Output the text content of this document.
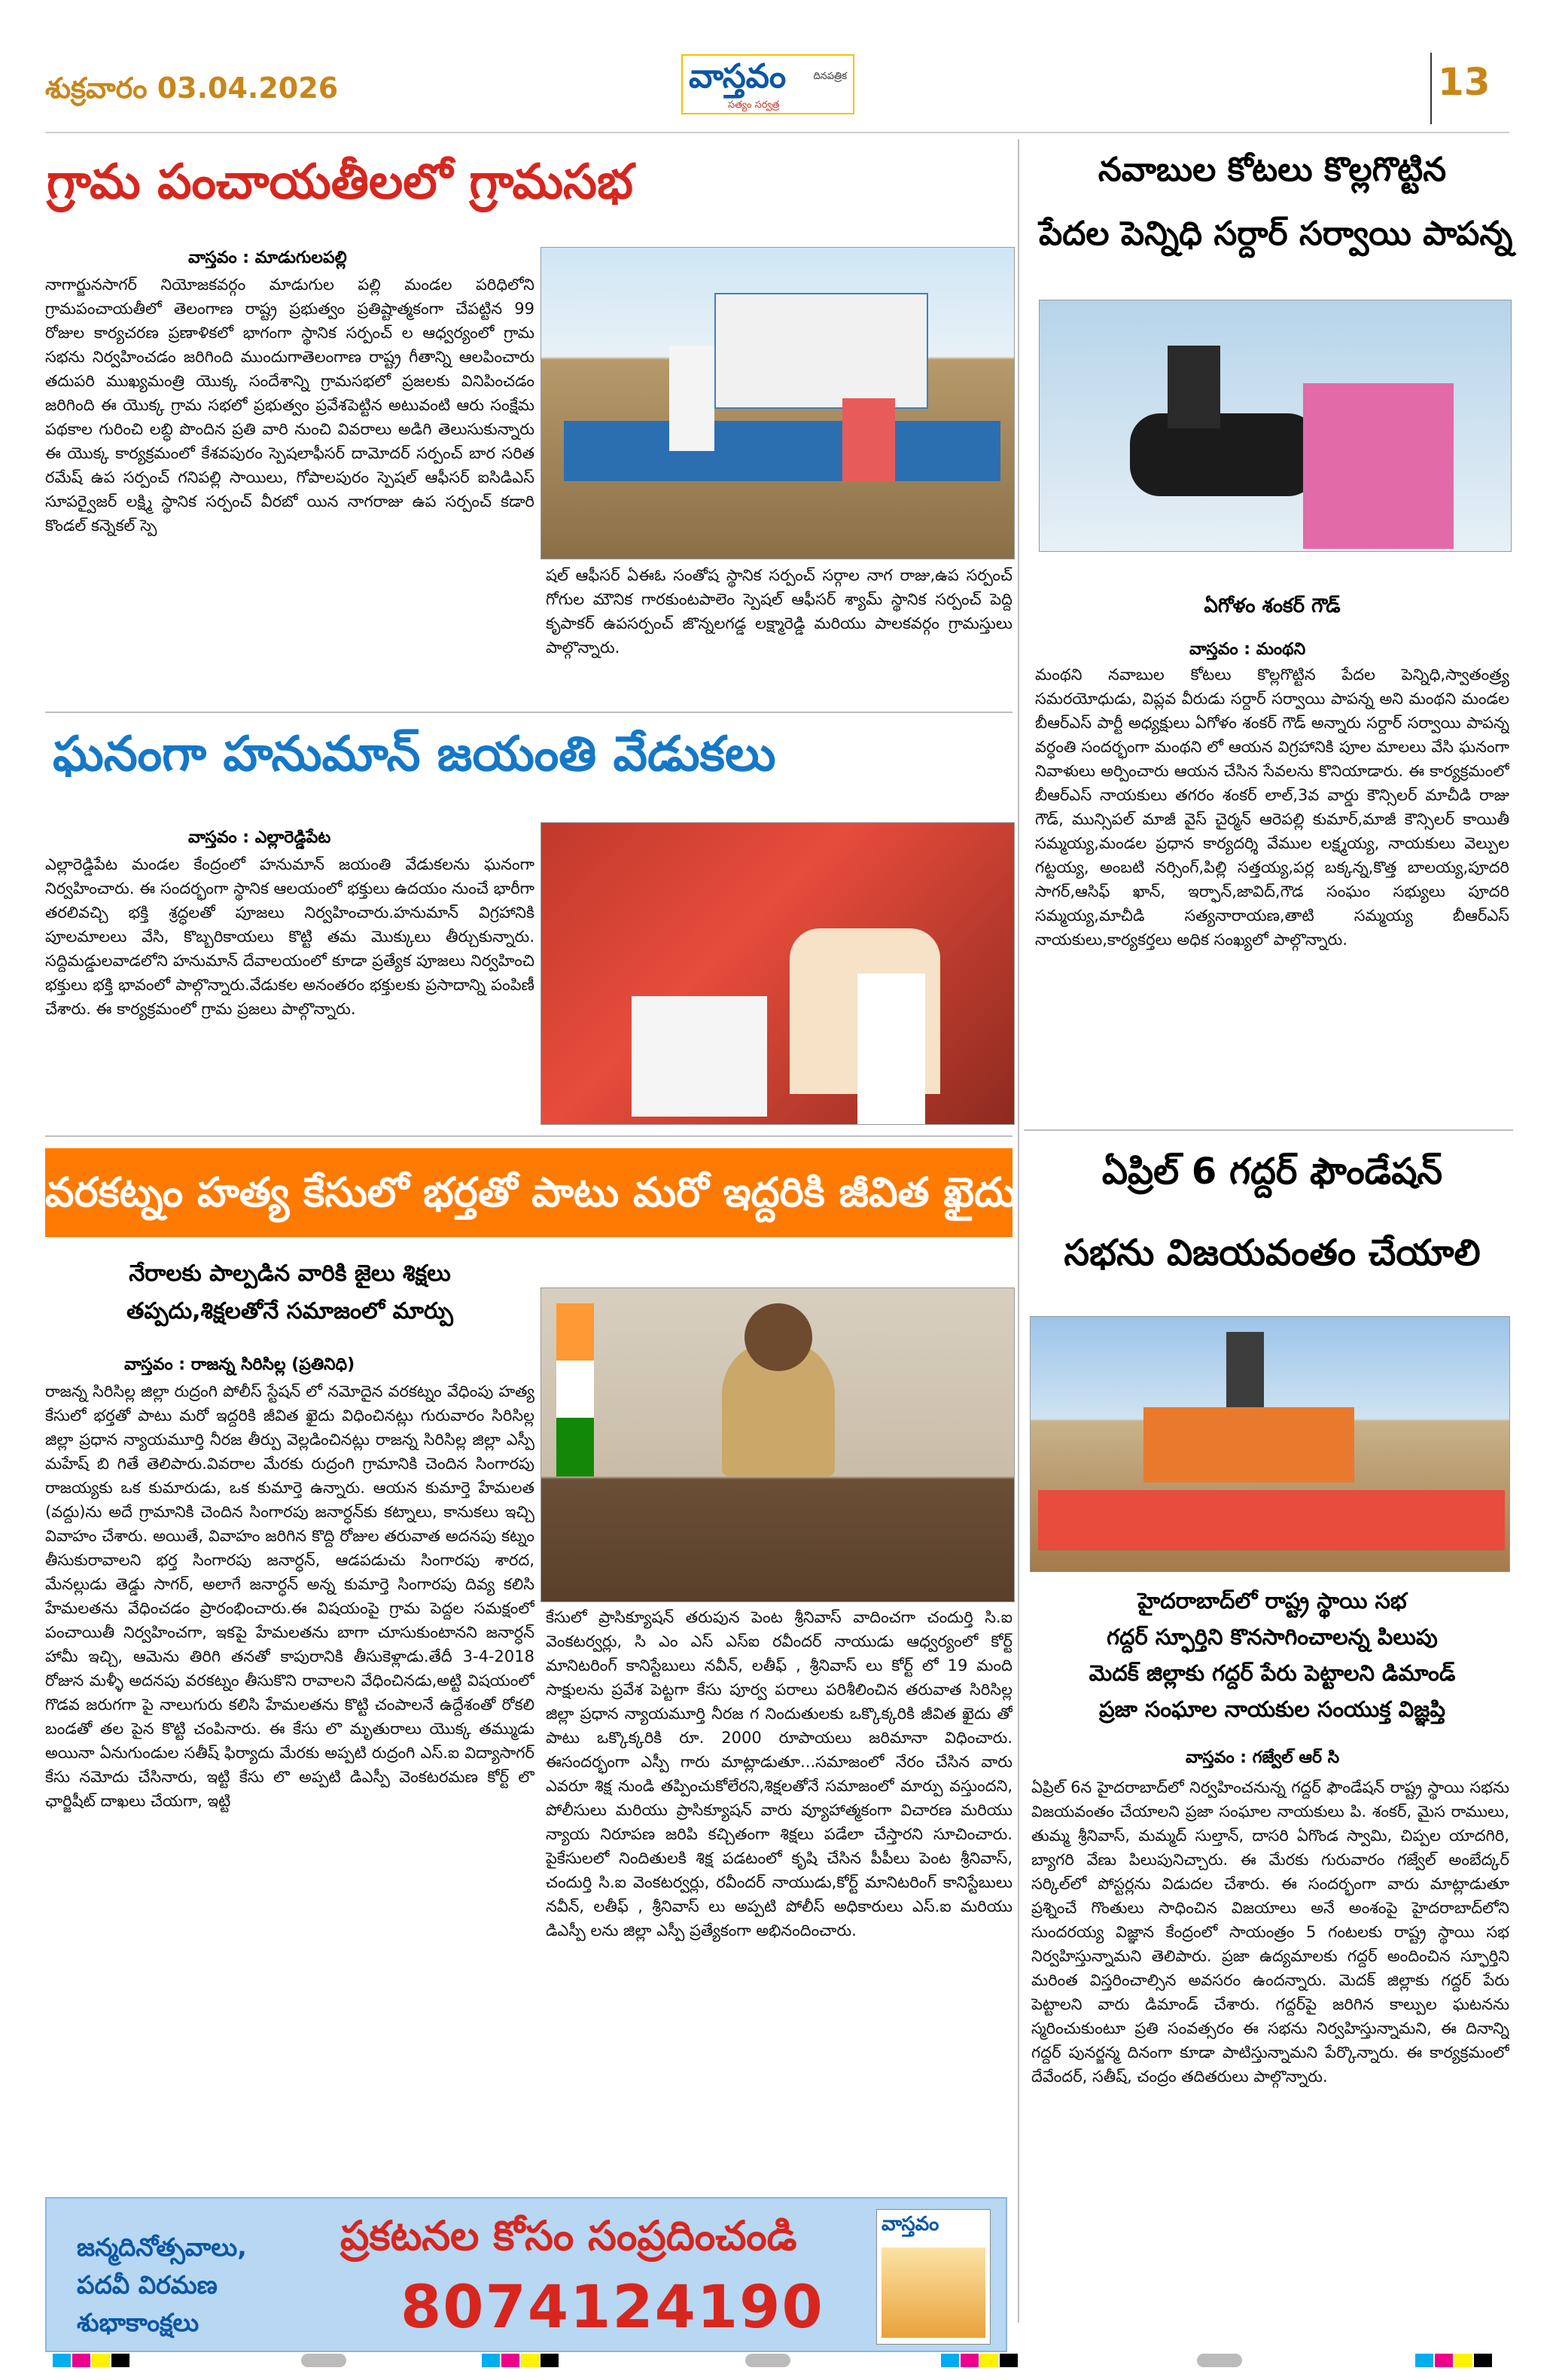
శుక్రవారం 03.04.2026	వాస్తవం	దినపత్రిక
సత్యం సర్వత్ర
13
గ్రామ పంచాయతీలలో గ్రామసభ
వాస్తవం : మాడుగులపల్లి
నాగార్జునసాగర్ నియోజకవర్గం మాడుగుల పల్లి మండల పరిధిలోని గ్రామపంచాయతీలో తెలంగాణ రాష్ట్ర ప్రభుత్వం ప్రతిష్టాత్మకంగా చేపట్టిన 99 రోజుల కార్యచరణ ప్రణాళికలో భాగంగా స్థానిక సర్పంచ్ ల ఆధ్వర్యంలో గ్రామ సభను నిర్వహించడం జరిగింది ముందుగాతెలంగాణ రాష్ట్ర గీతాన్ని ఆలపించారు తదుపరి ముఖ్యమంత్రి యొక్క సందేశాన్ని గ్రామసభలో ప్రజలకు వినిపించడం జరిగింది ఈ యొక్క గ్రామ సభలో ప్రభుత్వం ప్రవేశపెట్టిన అటువంటి ఆరు సంక్షేమ పథకాల గురించి లబ్ధి పొందిన ప్రతి వారి నుంచి వివరాలు అడిగి తెలుసుకున్నారు ఈ యొక్క కార్యక్రమంలో కేశవపురం స్పెషలాఫీసర్ దామోదర్ సర్పంచ్ బార సరిత రమేష్ ఉప సర్పంచ్ గనిపల్లి సాయిలు, గోపాలపురం స్పెషల్ ఆఫీసర్ ఐసిడిఎస్ సూపర్వైజర్ లక్ష్మి స్థానిక సర్పంచ్ వీరబో యిన నాగరాజు ఉప సర్పంచ్ కడారి కొండల్ కన్నెకల్ స్పె
షల్ ఆఫీసర్ ఏఈఓ సంతోష స్థానిక సర్పంచ్ సర్గాల నాగ రాజు,ఉప సర్పంచ్ గోగుల మౌనిక గారకుంటపాలెం స్పెషల్ ఆఫీసర్ శ్యామ్ స్థానిక సర్పంచ్ పెద్ది కృపాకర్ ఉపసర్పంచ్ జొన్నలగడ్డ లక్ష్మారెడ్డి మరియు పాలకవర్గం గ్రామస్తులు పాల్గొన్నారు.
ఘనంగా హనుమాన్ జయంతి వేడుకలు
వాస్తవం : ఎల్లారెడ్డిపేట
ఎల్లారెడ్డిపేట మండల కేంద్రంలో హనుమాన్ జయంతి వేడుకలను ఘనంగా నిర్వహించారు. ఈ సందర్భంగా స్థానిక ఆలయంలో భక్తులు ఉదయం నుంచే భారీగా తరలివచ్చి భక్తి శ్రద్ధలతో పూజలు నిర్వహించారు.హనుమాన్ విగ్రహానికి పూలమాలలు వేసి, కొబ్బరికాయలు కొట్టి తమ మొక్కులు తీర్చుకున్నారు. సద్దిమడ్డులవాడలోని హనుమాన్ దేవాలయంలో కూడా ప్రత్యేక పూజలు నిర్వహించి భక్తులు భక్తి భావంలో పాల్గొన్నారు.వేడుకల అనంతరం భక్తులకు ప్రసాదాన్ని పంపిణీ చేశారు. ఈ కార్యక్రమంలో గ్రామ ప్రజలు పాల్గొన్నారు.
వరకట్నం హత్య కేసులో భర్తతో పాటు మరో ఇద్దరికి జీవిత ఖైదు
నేరాలకు పాల్పడిన వారికి జైలు శిక్షలు
తప్పదు,శిక్షలతోనే సమాజంలో మార్పు
వాస్తవం : రాజన్న సిరిసిల్ల (ప్రతినిధి)
రాజన్న సిరిసిల్ల జిల్లా రుద్రంగి పోలీస్ స్టేషన్ లో నమోదైన వరకట్నం వేధింపు హత్య కేసులో భర్తతో పాటు మరో ఇద్దరికి జీవిత ఖైదు విధించినట్లు గురువారం సిరిసిల్ల జిల్లా ప్రధాన న్యాయమూర్తి నీరజ తీర్పు వెల్లడించినట్లు రాజన్న సిరిసిల్ల జిల్లా ఎస్పీ మహేష్ బి గితే తెలిపారు.వివరాల మేరకు రుద్రంగి గ్రామానికి చెందిన సింగారపు రాజయ్యకు ఒక కుమారుడు, ఒక కుమార్తె ఉన్నారు. ఆయన కుమార్తె హేమలత (వద్దు)ను అదే గ్రామానికి చెందిన సింగారపు జనార్ధన్‌కు కట్నాలు, కానుకలు ఇచ్చి వివాహం చేశారు. అయితే, వివాహం జరిగిన కొద్ది రోజుల తరువాత అదనపు కట్నం తీసుకురావాలని భర్త సింగారపు జనార్ధన్, ఆడపడుచు సింగారపు శారద, మేనల్లుడు తెడ్డు సాగర్, అలాగే జనార్ధన్ అన్న కుమార్తె సింగారపు దివ్య కలిసి హేమలతను వేధించడం ప్రారంభించారు.ఈ విషయంపై గ్రామ పెద్దల సమక్షంలో పంచాయితీ నిర్వహించగా, ఇకపై హేమలతను బాగా చూసుకుంటానని జనార్ధన్ హామీ ఇచ్చి, ఆమెను తిరిగి తనతో కాపురానికి తీసుకెళ్లాడు.తేదీ 3-4-2018 రోజున మళ్ళీ అదనపు వరకట్నం తీసుకొని రావాలని వేధించినడు,అట్టి విషయంలో గొడవ జరుగగా పై నాలుగురు కలిసి హేమలతను కొట్టి చంపాలనే ఉద్దేశంతో రోకలి బండతో తల పైన కొట్టి చంపినారు. ఈ కేసు లొ మృతురాలు యొక్క తమ్ముడు అయినా ఏనుగుండుల సతీష్ ఫిర్యాదు మేరకు అప్పటి రుద్రంగి ఎస్.ఐ విద్యాసాగర్ కేసు నమోదు చేసినారు, ఇట్టి కేసు లొ అప్పటి డిఎస్పీ వెంకటరమణ కోర్ట్ లొ ఛార్జిషీట్ దాఖలు చేయగా, ఇట్టి
కేసులో ప్రాసిక్యూషన్ తరుపున పెంట శ్రీనివాస్ వాదించగా చందుర్తి సి.ఐ వెంకటర్వర్లు, సి ఎం ఎస్ ఎస్ఐ రవీందర్ నాయుడు ఆధ్వర్యంలో కోర్ట్ మానిటరింగ్ కానిస్టేబులు నవీన్, లతీఫ్ , శ్రీనివాస్ లు కోర్ట్ లో 19 మంది సాక్షులను ప్రవేశ పెట్టగా కేసు పూర్వ పరాలు పరిశీలించిన తరువాత సిరిసిల్ల జిల్లా ప్రధాన న్యాయమూర్తి నీరజ గ నిందుతులకు ఒక్కొక్కరికి జీవిత ఖైదు తో పాటు ఒక్కొక్కరికి రూ. 2000 రూపాయలు జరిమానా విధించారు. ఈసందర్భంగా ఎస్పీ గారు మాట్లాడుతూ...సమాజంలో నేరం చేసిన వారు ఎవరూ శిక్ష నుండి తప్పించుకోలేరని,శిక్షలతోనే సమాజంలో మార్పు వస్తుందని, పోలీసులు మరియు ప్రాసిక్యూషన్ వారు వ్యూహాత్మకంగా విచారణ మరియు న్యాయ నిరూపణ జరిపి కచ్చితంగా శిక్షలు పడేలా చేస్తారని సూచించారు. పైకేసులలో నిందితులకి శిక్ష పడటంలో కృషి చేసిన పీపీలు పెంట శ్రీనివాస్, చందుర్తి సి.ఐ వెంకటర్వర్లు, రవీందర్ నాయుడు,కోర్ట్ మానిటరింగ్ కానిస్టేబులు నవీన్, లతీఫ్ , శ్రీనివాస్ లు అప్పటి పోలీస్ అధికారులు ఎస్.ఐ మరియు డిఎస్పీ లను జిల్లా ఎస్పీ ప్రత్యేకంగా అభినందించారు.
నవాబుల కోటలు కొల్లగొట్టిన
పేదల పెన్నిధి సర్దార్ సర్వాయి పాపన్న
ఏగోళం శంకర్ గౌడ్
వాస్తవం : మంథని
మంథని నవాబుల కోటలు కొల్లగొట్టిన పేదల పెన్నిధి,స్వాతంత్ర్య సమరయోధుడు, విప్లవ వీరుడు సర్దార్ సర్వాయి పాపన్న అని మంథని మండల బీఆర్ఎస్ పార్టీ అధ్యక్షులు ఏగోళం శంకర్ గౌడ్ అన్నారు సర్దార్ సర్వాయి పాపన్న వర్ధంతి సందర్భంగా మంథని లో ఆయన విగ్రహానికి పూల మాలలు వేసి ఘనంగా నివాళులు అర్పించారు ఆయన చేసిన సేవలను కొనియాడారు. ఈ కార్యక్రమంలో బీఆర్ఎస్ నాయకులు తగరం శంకర్ లాల్,3వ వార్డు కౌన్సిలర్ మాచీడి రాజు గౌడ్, మున్సిపల్ మాజీ వైస్ చైర్మన్ ఆరెపల్లి కుమార్,మాజీ కౌన్సిలర్ కాయితీ సమ్మయ్య,మండల ప్రధాన కార్యదర్శి వేముల లక్ష్మయ్య, నాయకులు వెల్పుల గట్టయ్య, అంబటి నర్సింగ్,పిల్లి సత్తయ్య,పర్ల బక్కన్న,కొత్త బాలయ్య,పూదరి సాగర్,ఆసిఫ్ ఖాన్, ఇర్ఫాన్,జావిద్,గౌడ సంఘం సభ్యులు పూదరి సమ్మయ్య,మాచీడి సత్యనారాయణ,తాటి సమ్మయ్య బీఆర్ఎస్ నాయకులు,కార్యకర్తలు అధిక సంఖ్యలో పాల్గొన్నారు.
ఏప్రిల్ 6 గద్దర్ ఫౌండేషన్
సభను విజయవంతం చేయాలి
హైదరాబాద్‌లో రాష్ట్ర స్థాయి సభ
గద్దర్ స్ఫూర్తిని కొనసాగించాలన్న పిలుపు
మెదక్ జిల్లాకు గద్దర్ పేరు పెట్టాలని డిమాండ్
ప్రజా సంఘాల నాయకుల సంయుక్త విజ్ఞప్తి
వాస్తవం : గజ్వేల్ ఆర్ సి
ఏప్రిల్ 6న హైదరాబాద్‌లో నిర్వహించనున్న గద్దర్ ఫౌండేషన్ రాష్ట్ర స్థాయి సభను విజయవంతం చేయాలని ప్రజా సంఘాల నాయకులు పి. శంకర్, మైస రాములు, తుమ్మ శ్రీనివాస్, మమ్మద్ సుల్తాన్, దాసరి ఏగొండ స్వామి, చిప్పల యాదగిరి, బ్యాగరి వేణు పిలుపునిచ్చారు. ఈ మేరకు గురువారం గజ్వేల్ అంబేద్కర్ సర్కిల్‌లో పోస్టర్లను విడుదల చేశారు. ఈ సందర్భంగా వారు మాట్లాడుతూ ప్రశ్నించే గొంతులు సాధించిన విజయాలు అనే అంశంపై హైదరాబాద్‌లోని సుందరయ్య విజ్ఞాన కేంద్రంలో సాయంత్రం 5 గంటలకు రాష్ట్ర స్థాయి సభ నిర్వహిస్తున్నామని తెలిపారు. ప్రజా ఉద్యమాలకు గద్దర్ అందించిన స్ఫూర్తిని మరింత విస్తరించాల్సిన అవసరం ఉందన్నారు. మెదక్ జిల్లాకు గద్దర్ పేరు పెట్టాలని వారు డిమాండ్ చేశారు. గద్దర్‌పై జరిగిన కాల్పుల ఘటనను స్మరించుకుంటూ ప్రతి సంవత్సరం ఈ సభను నిర్వహిస్తున్నామని, ఈ దినాన్ని గద్దర్ పునర్జన్మ దినంగా కూడా పాటిస్తున్నామని పేర్కొన్నారు. ఈ కార్యక్రమంలో దేవేందర్, సతీష్, చంద్రం తదితరులు పాల్గొన్నారు.
జన్మదినోత్సవాలు,
పదవీ విరమణ
శుభాకాంక్షలు
ప్రకటనల కోసం సంప్రదించండి
8074124190
వాస్తవం
